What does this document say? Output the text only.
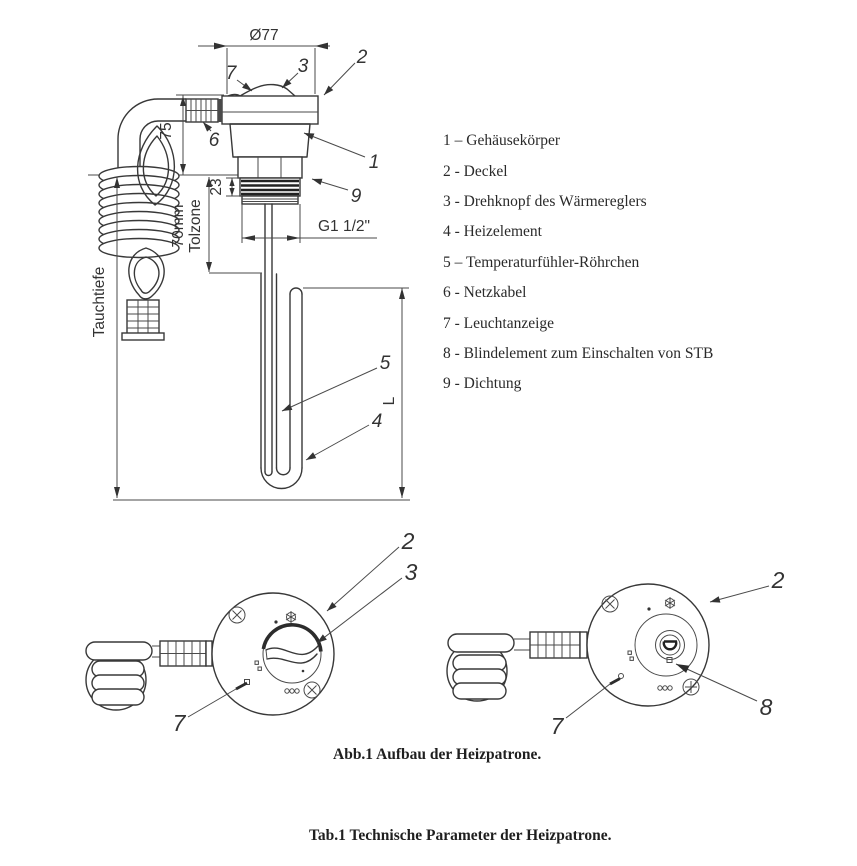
Ø77
75
23
G1 1/2"
70mm Tolzone
Tauchtiefe
L
7	3	2
6
1
9
5
4
2
3
7
2
8
7
1 – Gehäusekörper
2 - Deckel
3 - Drehknopf des Wärmereglers
4 - Heizelement
5 – Temperaturfühler-Röhrchen
6 - Netzkabel
7 - Leuchtanzeige
8 - Blindelement zum Einschalten von STB
9 - Dichtung
Abb.1 Aufbau der Heizpatrone.
Tab.1 Technische Parameter der Heizpatrone.
